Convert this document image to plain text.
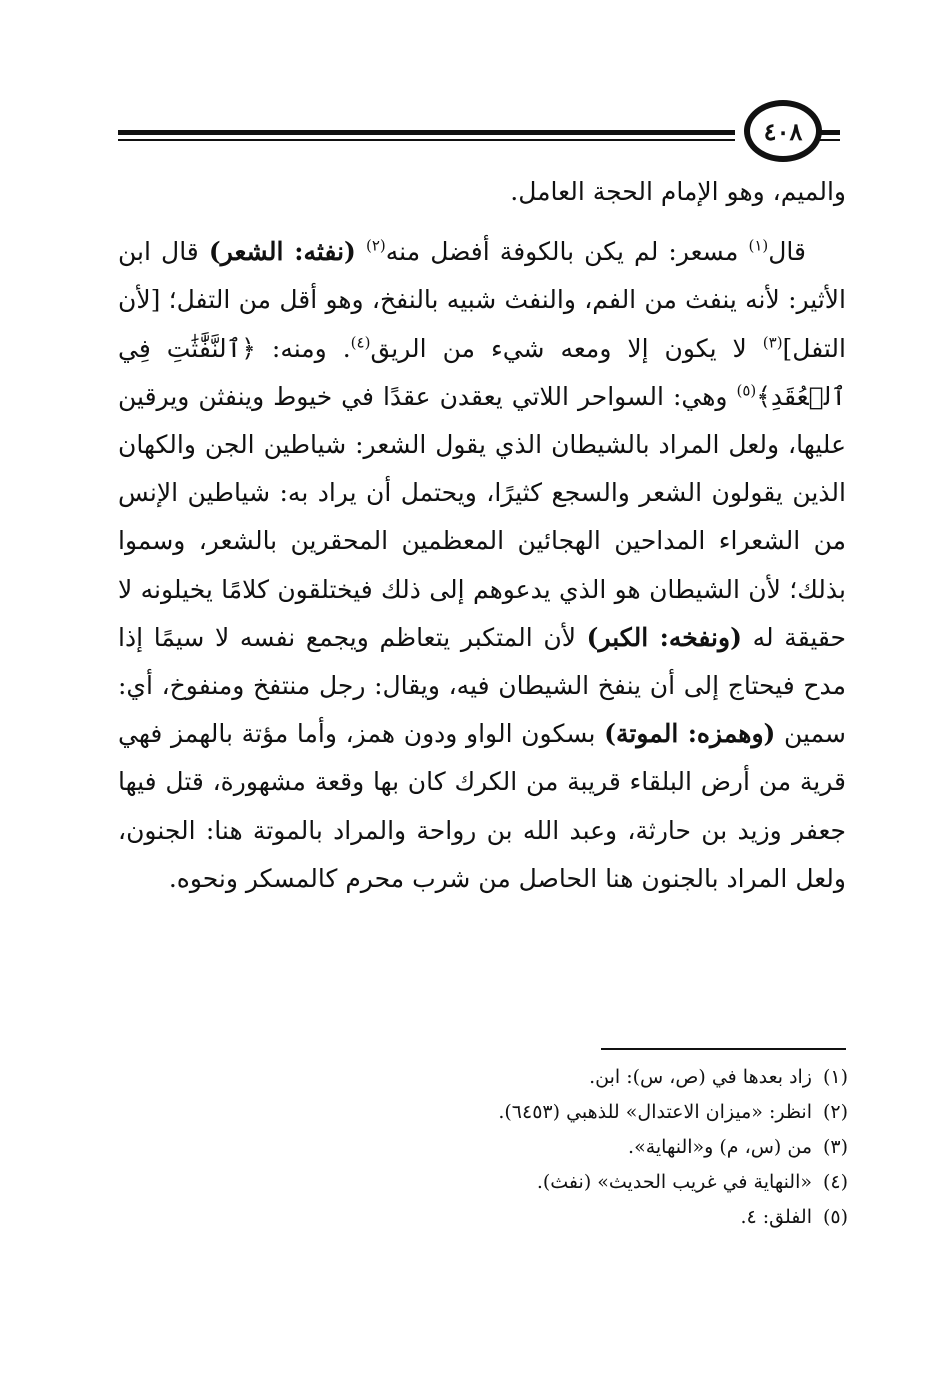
٤٠٨

والميم، وهو الإمام الحجة العامل.

قال$^{(١)}$ مسعر: لم يكن بالكوفة أفضل منه$^{(٢)}$ (نفثه: الشعر) قال ابن الأثير: لأنه ينفث من الفم، والنفث شبيه بالنفخ، وهو أقل من التفل؛ [لأن التفل]$^{(٣)}$ لا يكون إلا ومعه شيء من الريق$^{(٤)}$. ومنه: ﴿ٱلنَّفَّٰثَٰتِ فِي ٱلۡعُقَدِ﴾$^{(٥)}$ وهي: السواحر اللاتي يعقدن عقدًا في خيوط وينفثن ويرقين عليها، ولعل المراد بالشيطان الذي يقول الشعر: شياطين الجن والكهان الذين يقولون الشعر والسجع كثيرًا، ويحتمل أن يراد به: شياطين الإنس من الشعراء المداحين الهجائين المعظمين المحقرين بالشعر، وسموا بذلك؛ لأن الشيطان هو الذي يدعوهم إلى ذلك فيختلقون كلامًا يخيلونه لا حقيقة له (ونفخه: الكبر) لأن المتكبر يتعاظم ويجمع نفسه لا سيمًا إذا مدح فيحتاج إلى أن ينفخ الشيطان فيه، ويقال: رجل منتفخ ومنفوخ، أي: سمين (وهمزه: الموتة) بسكون الواو ودون همز، وأما مؤتة بالهمز فهي قرية من أرض البلقاء قريبة من الكرك كان بها وقعة مشهورة، قتل فيها جعفر وزيد بن حارثة، وعبد الله بن رواحة والمراد بالموتة هنا: الجنون، ولعل المراد بالجنون هنا الحاصل من شرب محرم كالمسكر ونحوه.

(١)زاد بعدها في (ص، س): ابن.
(٢)انظر: «ميزان الاعتدال» للذهبي (٦٤٥٣).
(٣)من (س، م) و«النهاية».
(٤)«النهاية في غريب الحديث» (نفث).
(٥)الفلق: ٤.
